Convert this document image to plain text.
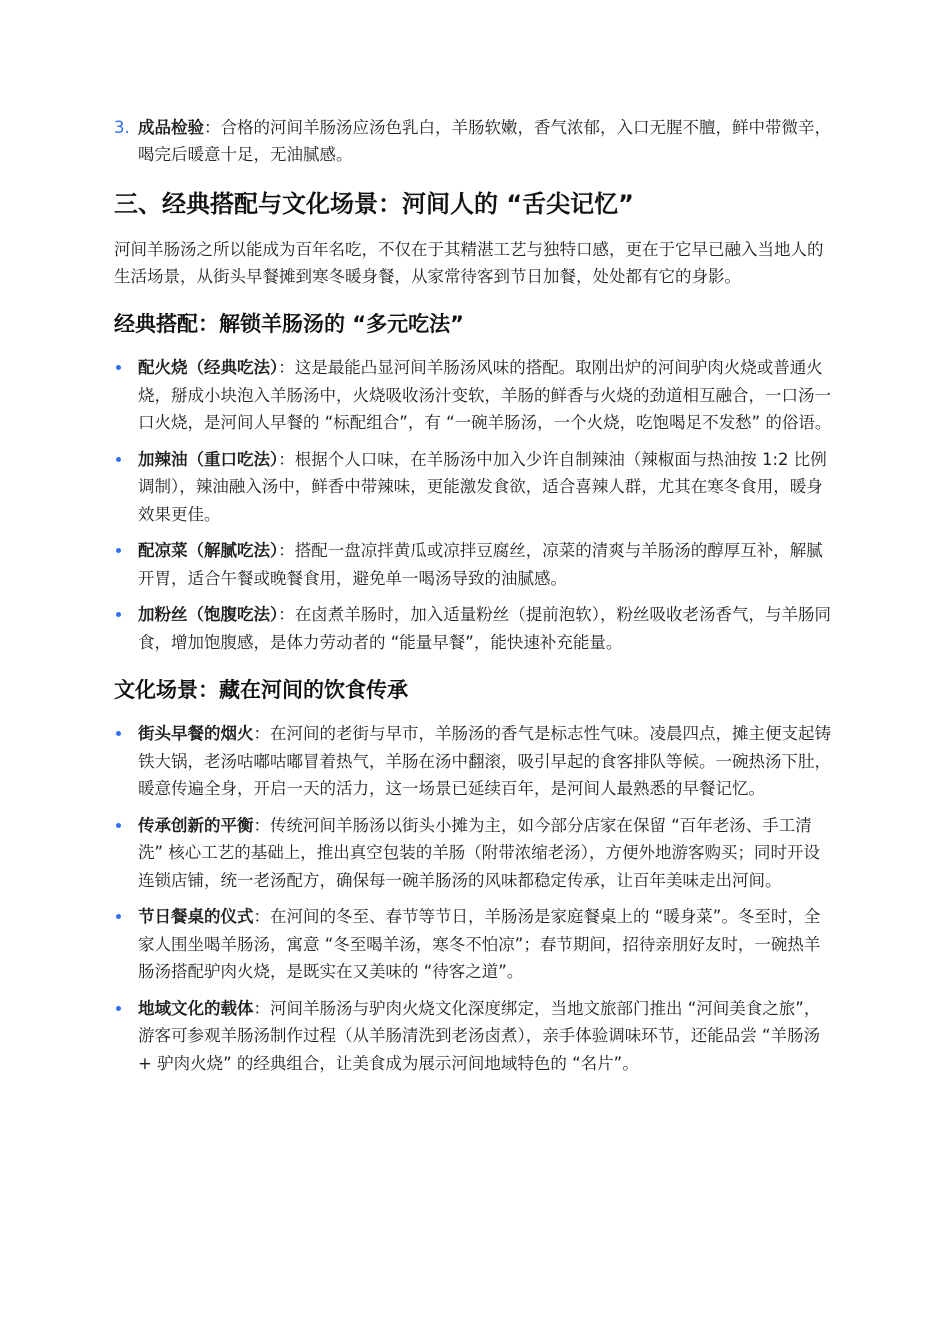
3. 成品检验：合格的河间羊肠汤应汤色乳白，羊肠软嫩，香气浓郁，入口无腥不膻，鲜中带微辛，喝完后暖意十足，无油腻感。
三、经典搭配与文化场景：河间人的 “舌尖记忆”

河间羊肠汤之所以能成为百年名吃，不仅在于其精湛工艺与独特口感，更在于它早已融入当地人的生活场景，从街头早餐摊到寒冬暖身餐，从家常待客到节日加餐，处处都有它的身影。

经典搭配：解锁羊肠汤的 “多元吃法”
配火烧（经典吃法）：这是最能凸显河间羊肠汤风味的搭配。取刚出炉的河间驴肉火烧或普通火烧，掰成小块泡入羊肠汤中，火烧吸收汤汁变软，羊肠的鲜香与火烧的劲道相互融合，一口汤一口火烧，是河间人早餐的 “标配组合”，有 “一碗羊肠汤，一个火烧，吃饱喝足不发愁” 的俗语。
加辣油（重口吃法）：根据个人口味，在羊肠汤中加入少许自制辣油（辣椒面与热油按 1:2 比例调制），辣油融入汤中，鲜香中带辣味，更能激发食欲，适合喜辣人群，尤其在寒冬食用，暖身效果更佳。
配凉菜（解腻吃法）：搭配一盘凉拌黄瓜或凉拌豆腐丝，凉菜的清爽与羊肠汤的醇厚互补，解腻开胃，适合午餐或晚餐食用，避免单一喝汤导致的油腻感。
加粉丝（饱腹吃法）：在卤煮羊肠时，加入适量粉丝（提前泡软），粉丝吸收老汤香气，与羊肠同食，增加饱腹感，是体力劳动者的 “能量早餐”，能快速补充能量。
文化场景：藏在河间的饮食传承
街头早餐的烟火：在河间的老街与早市，羊肠汤的香气是标志性气味。凌晨四点，摊主便支起铸铁大锅，老汤咕嘟咕嘟冒着热气，羊肠在汤中翻滚，吸引早起的食客排队等候。一碗热汤下肚，暖意传遍全身，开启一天的活力，这一场景已延续百年，是河间人最熟悉的早餐记忆。
传承创新的平衡：传统河间羊肠汤以街头小摊为主，如今部分店家在保留 “百年老汤、手工清洗” 核心工艺的基础上，推出真空包装的羊肠（附带浓缩老汤），方便外地游客购买；同时开设连锁店铺，统一老汤配方，确保每一碗羊肠汤的风味都稳定传承，让百年美味走出河间。
节日餐桌的仪式：在河间的冬至、春节等节日，羊肠汤是家庭餐桌上的 “暖身菜”。冬至时，全家人围坐喝羊肠汤，寓意 “冬至喝羊汤，寒冬不怕凉”；春节期间，招待亲朋好友时，一碗热羊肠汤搭配驴肉火烧，是既实在又美味的 “待客之道”。
地域文化的载体：河间羊肠汤与驴肉火烧文化深度绑定，当地文旅部门推出 “河间美食之旅”，游客可参观羊肠汤制作过程（从羊肠清洗到老汤卤煮），亲手体验调味环节，还能品尝 “羊肠汤 + 驴肉火烧” 的经典组合，让美食成为展示河间地域特色的 “名片”。
